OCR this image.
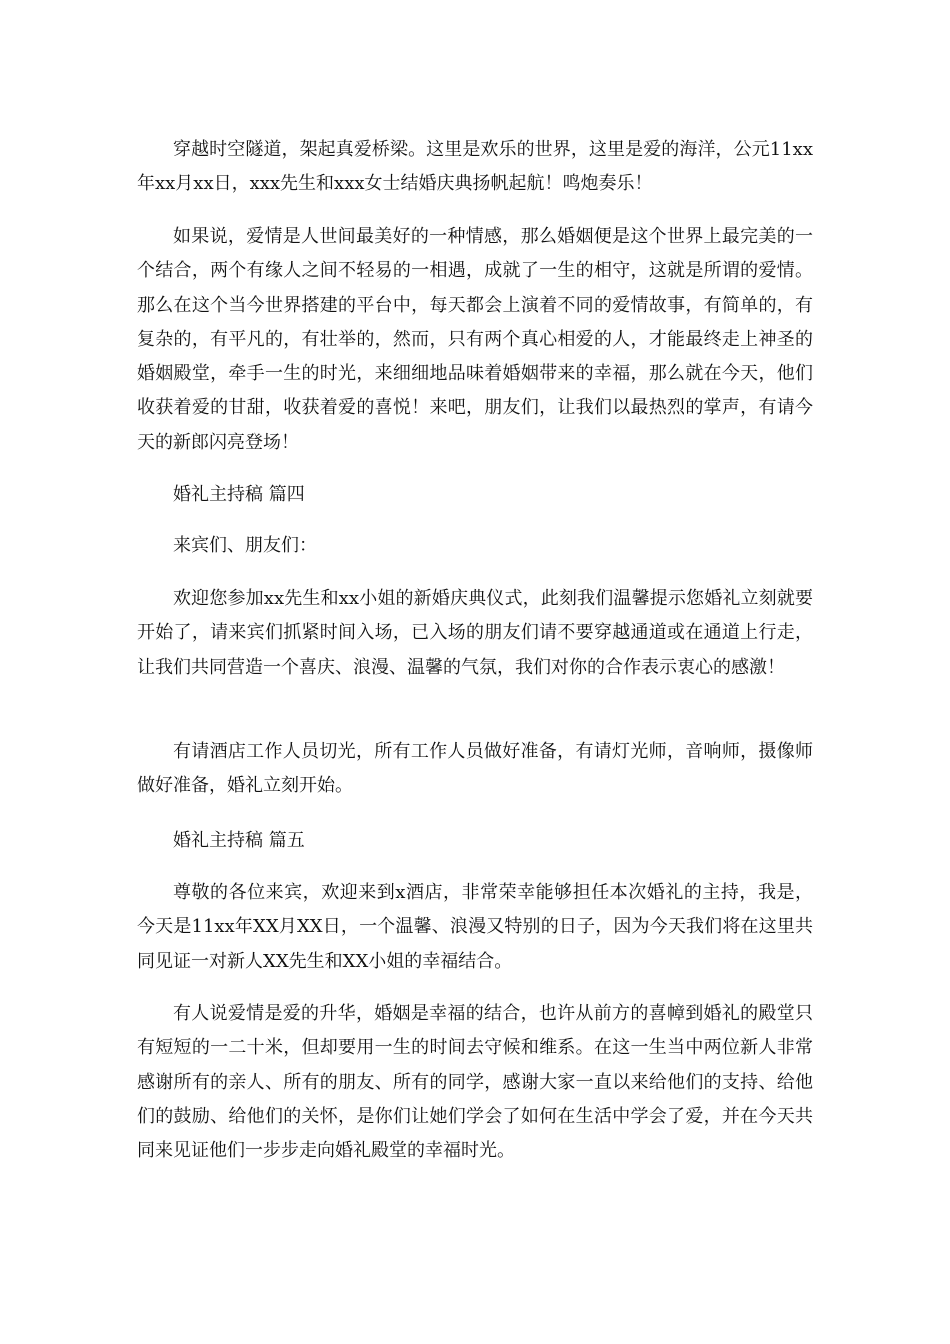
穿越时空隧道，架起真爱桥梁。这里是欢乐的世界，这里是爱的海洋，公元11xx年xx月xx日，xxx先生和xxx女士结婚庆典扬帆起航！鸣炮奏乐！

如果说，爱情是人世间最美好的一种情感，那么婚姻便是这个世界上最完美的一个结合，两个有缘人之间不轻易的一相遇，成就了一生的相守，这就是所谓的爱情。那么在这个当今世界搭建的平台中，每天都会上演着不同的爱情故事，有简单的，有复杂的，有平凡的，有壮举的，然而，只有两个真心相爱的人，才能最终走上神圣的婚姻殿堂，牵手一生的时光，来细细地品味着婚姻带来的幸福，那么就在今天，他们收获着爱的甘甜，收获着爱的喜悦！来吧，朋友们，让我们以最热烈的掌声，有请今天的新郎闪亮登场！

婚礼主持稿 篇四

来宾们、朋友们：

欢迎您参加xx先生和xx小姐的新婚庆典仪式，此刻我们温馨提示您婚礼立刻就要开始了，请来宾们抓紧时间入场，已入场的朋友们请不要穿越通道或在通道上行走，让我们共同营造一个喜庆、浪漫、温馨的气氛，我们对你的合作表示衷心的感激！

有请酒店工作人员切光，所有工作人员做好准备，有请灯光师，音响师，摄像师做好准备，婚礼立刻开始。

婚礼主持稿 篇五

尊敬的各位来宾，欢迎来到x酒店，非常荣幸能够担任本次婚礼的主持，我是，今天是11xx年XX月XX日，一个温馨、浪漫又特别的日子，因为今天我们将在这里共同见证一对新人XX先生和XX小姐的幸福结合。

有人说爱情是爱的升华，婚姻是幸福的结合，也许从前方的喜幛到婚礼的殿堂只有短短的一二十米，但却要用一生的时间去守候和维系。在这一生当中两位新人非常感谢所有的亲人、所有的朋友、所有的同学，感谢大家一直以来给他们的支持、给他们的鼓励、给他们的关怀，是你们让她们学会了如何在生活中学会了爱，并在今天共同来见证他们一步步走向婚礼殿堂的幸福时光。
